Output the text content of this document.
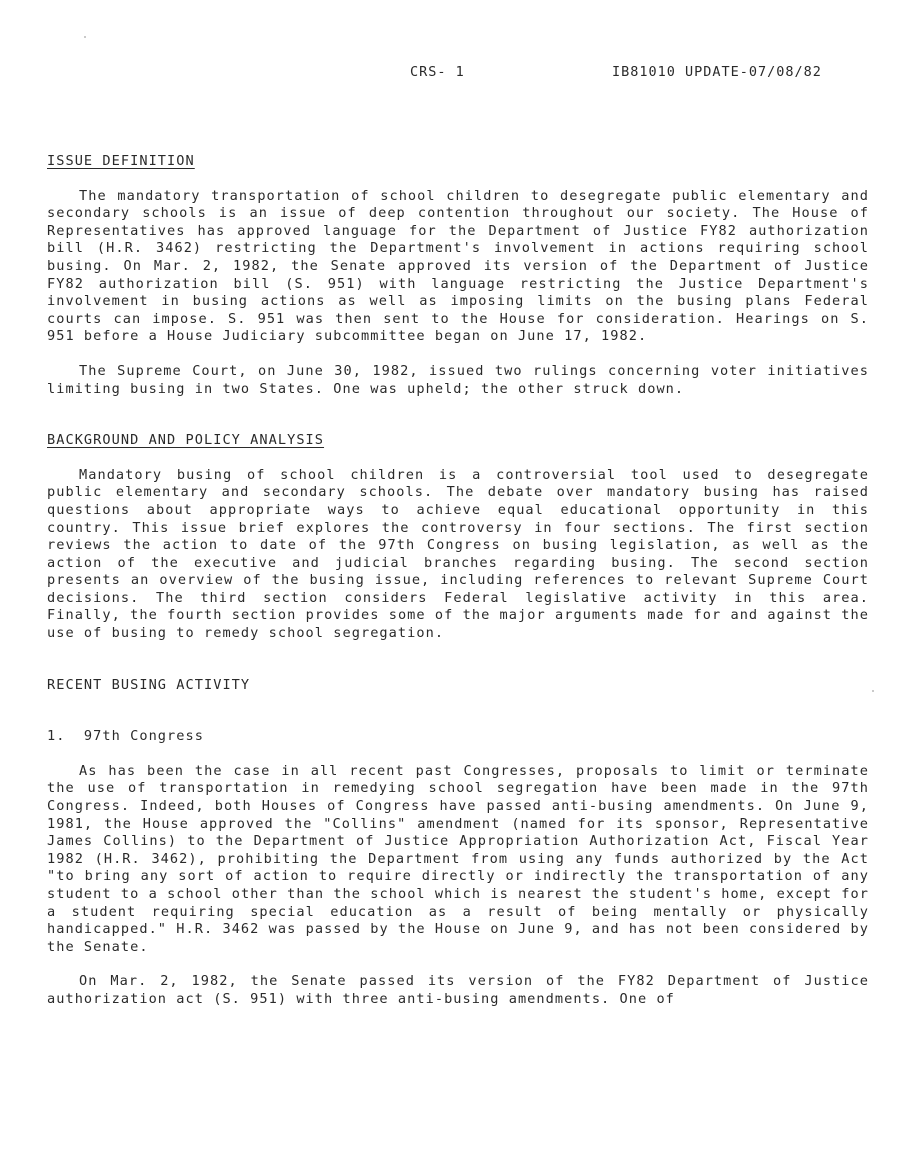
CRS- 1	IB81010 UPDATE-07/08/82
ISSUE DEFINITION

The mandatory transportation of school children to desegregate public elementary and secondary schools is an issue of deep contention throughout our society. The House of Representatives has approved language for the Department of Justice FY82 authorization bill (H.R. 3462) restricting the Department's involvement in actions requiring school busing. On Mar. 2, 1982, the Senate approved its version of the Department of Justice FY82 authorization bill (S. 951) with language restricting the Justice Department's involvement in busing actions as well as imposing limits on the busing plans Federal courts can impose. S. 951 was then sent to the House for consideration. Hearings on S. 951 before a House Judiciary subcommittee began on June 17, 1982.

The Supreme Court, on June 30, 1982, issued two rulings concerning voter initiatives limiting busing in two States. One was upheld; the other struck down.

BACKGROUND AND POLICY ANALYSIS

Mandatory busing of school children is a controversial tool used to desegregate public elementary and secondary schools. The debate over mandatory busing has raised questions about appropriate ways to achieve equal educational opportunity in this country. This issue brief explores the controversy in four sections. The first section reviews the action to date of the 97th Congress on busing legislation, as well as the action of the executive and judicial branches regarding busing. The second section presents an overview of the busing issue, including references to relevant Supreme Court decisions. The third section considers Federal legislative activity in this area. Finally, the fourth section provides some of the major arguments made for and against the use of busing to remedy school segregation.

RECENT BUSING ACTIVITY
1.  97th Congress

As has been the case in all recent past Congresses, proposals to limit or terminate the use of transportation in remedying school segregation have been made in the 97th Congress. Indeed, both Houses of Congress have passed anti-busing amendments. On June 9, 1981, the House approved the "Collins" amendment (named for its sponsor, Representative James Collins) to the Department of Justice Appropriation Authorization Act, Fiscal Year 1982 (H.R. 3462), prohibiting the Department from using any funds authorized by the Act "to bring any sort of action to require directly or indirectly the transportation of any student to a school other than the school which is nearest the student's home, except for a student requiring special education as a result of being mentally or physically handicapped." H.R. 3462 was passed by the House on June 9, and has not been considered by the Senate.

On Mar. 2, 1982, the Senate passed its version of the FY82 Department of Justice authorization act (S. 951) with three anti-busing amendments. One of
